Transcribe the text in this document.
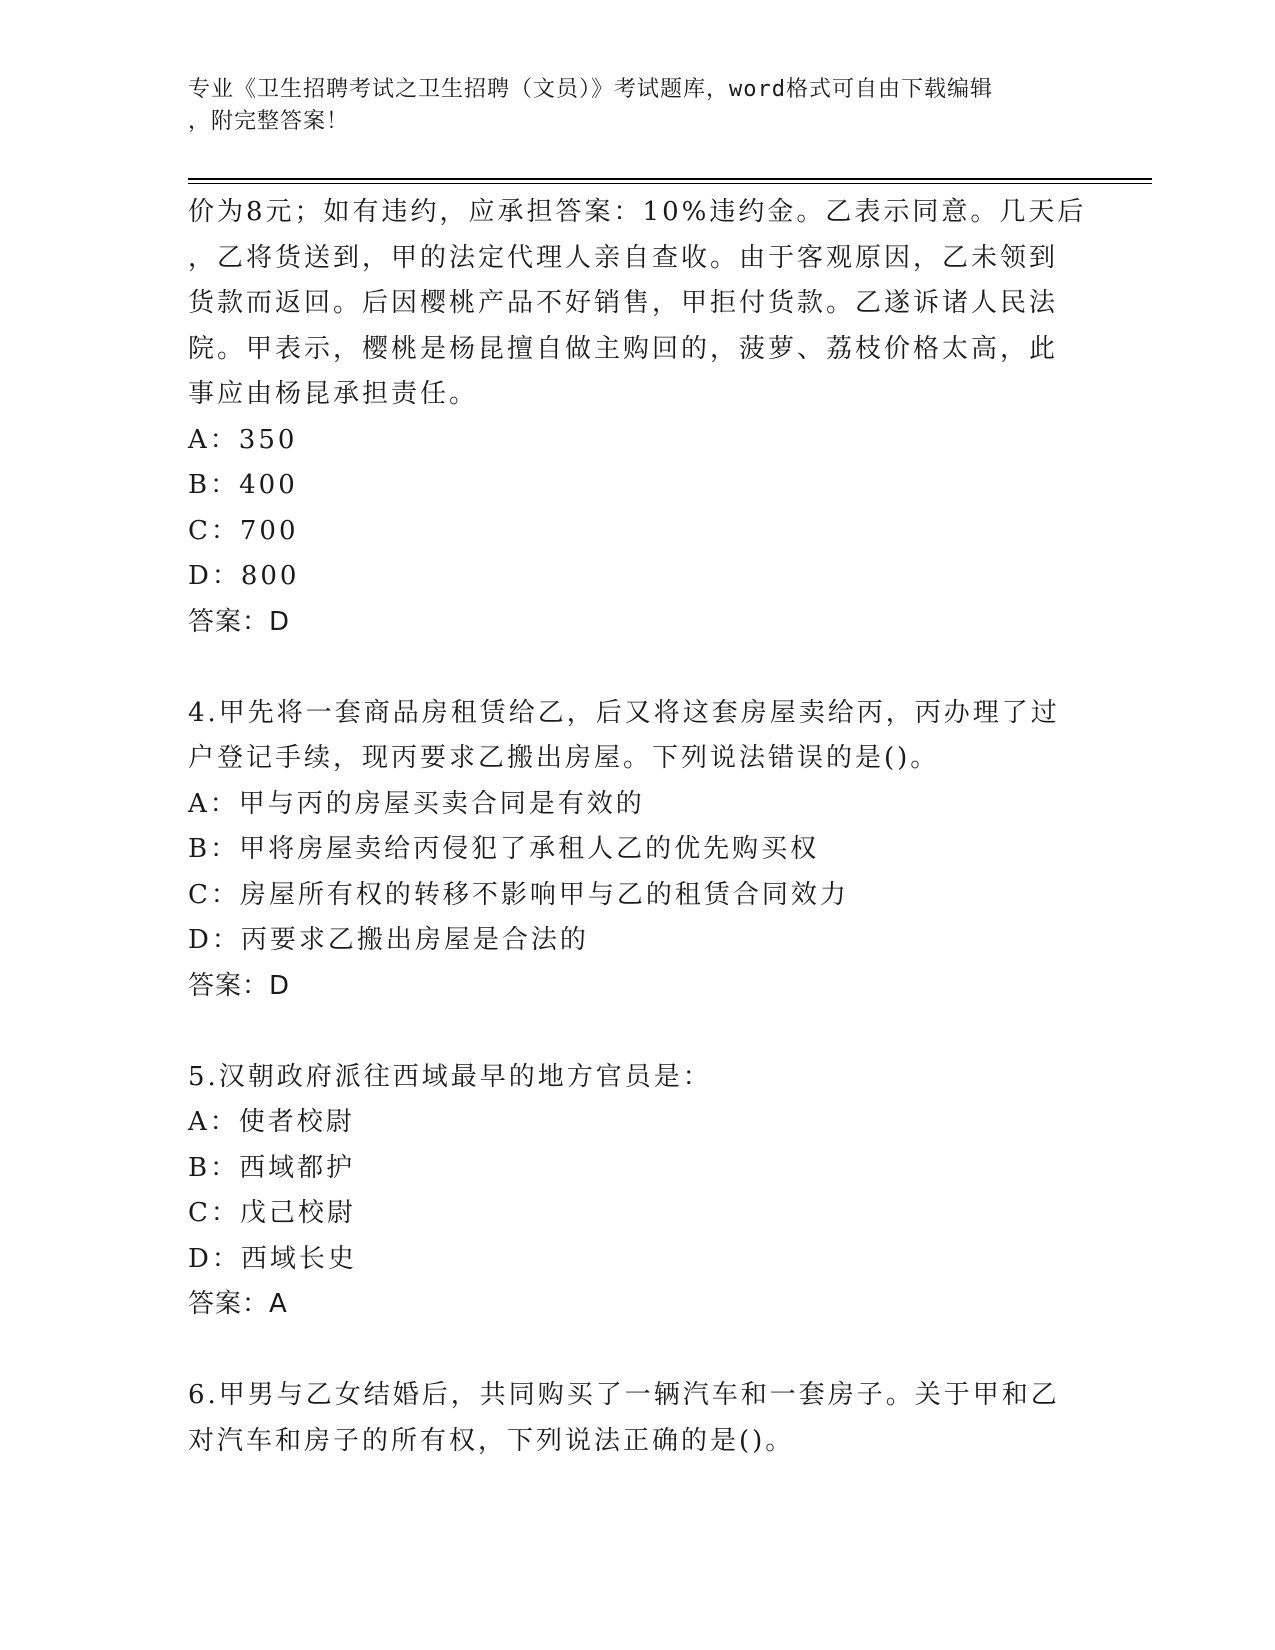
专业《卫生招聘考试之卫生招聘（文员）》考试题库，word格式可自由下载编辑
，附完整答案！
价为8元；如有违约，应承担答案：10%违约金。乙表示同意。几天后
，乙将货送到，甲的法定代理人亲自查收。由于客观原因，乙未领到
货款而返回。后因樱桃产品不好销售，甲拒付货款。乙遂诉诸人民法
院。甲表示，樱桃是杨昆擅自做主购回的，菠萝、荔枝价格太高，此
事应由杨昆承担责任。
A：350
B：400
C：700
D：800
答案：D
4.甲先将一套商品房租赁给乙，后又将这套房屋卖给丙，丙办理了过
户登记手续，现丙要求乙搬出房屋。下列说法错误的是()。
A：甲与丙的房屋买卖合同是有效的
B：甲将房屋卖给丙侵犯了承租人乙的优先购买权
C：房屋所有权的转移不影响甲与乙的租赁合同效力
D：丙要求乙搬出房屋是合法的
答案：D
5.汉朝政府派往西域最早的地方官员是：
A：使者校尉
B：西域都护
C：戊己校尉
D：西域长史
答案：A
6.甲男与乙女结婚后，共同购买了一辆汽车和一套房子。关于甲和乙
对汽车和房子的所有权，下列说法正确的是()。
